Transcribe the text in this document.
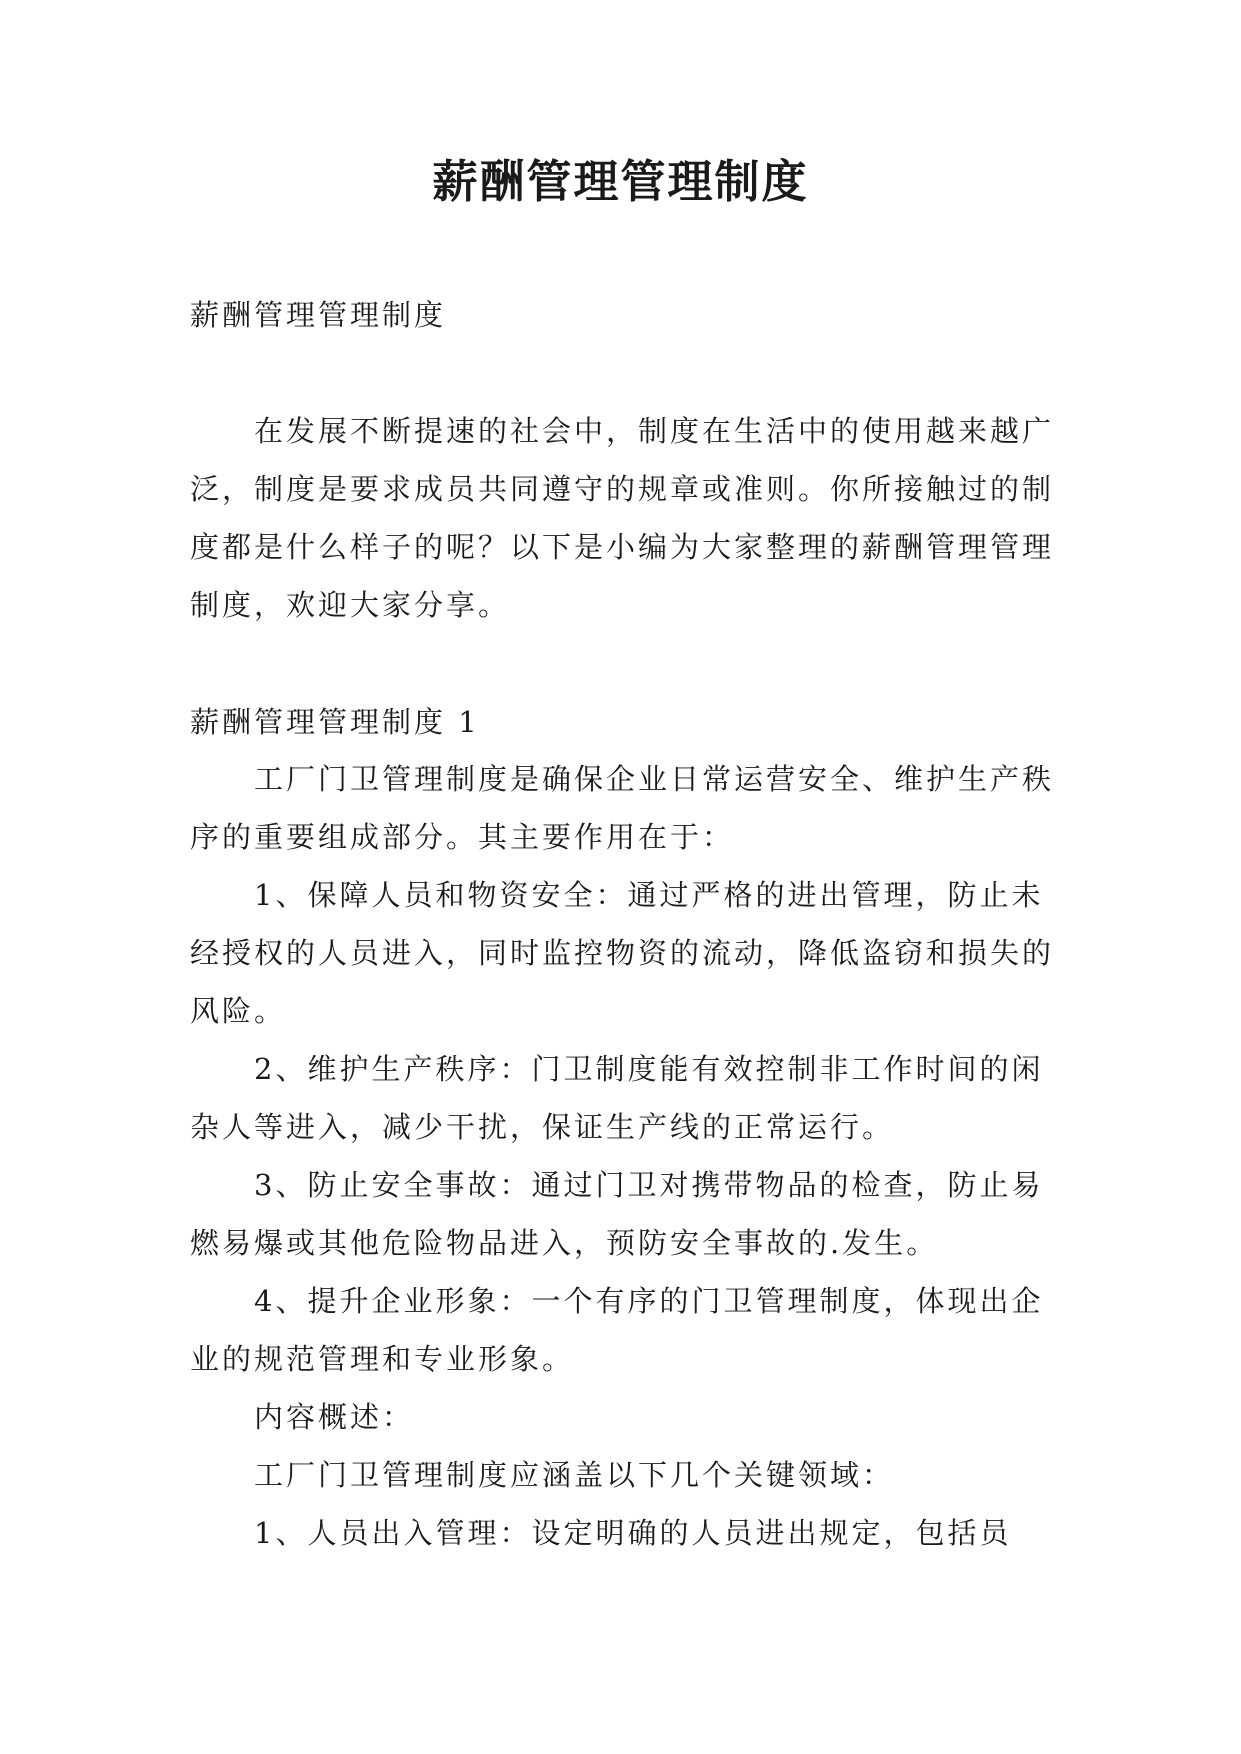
薪酬管理管理制度

薪酬管理管理制度

在发展不断提速的社会中，制度在生活中的使用越来越广泛，制度是要求成员共同遵守的规章或准则。你所接触过的制度都是什么样子的呢？以下是小编为大家整理的薪酬管理管理制度，欢迎大家分享。

薪酬管理管理制度 1

工厂门卫管理制度是确保企业日常运营安全、维护生产秩序的重要组成部分。其主要作用在于：

1、保障人员和物资安全：通过严格的进出管理，防止未经授权的人员进入，同时监控物资的流动，降低盗窃和损失的风险。

2、维护生产秩序：门卫制度能有效控制非工作时间的闲杂人等进入，减少干扰，保证生产线的正常运行。

3、防止安全事故：通过门卫对携带物品的检查，防止易燃易爆或其他危险物品进入，预防安全事故的.发生。

4、提升企业形象：一个有序的门卫管理制度，体现出企业的规范管理和专业形象。

内容概述：

工厂门卫管理制度应涵盖以下几个关键领域：

1、人员出入管理：设定明确的人员进出规定，包括员
